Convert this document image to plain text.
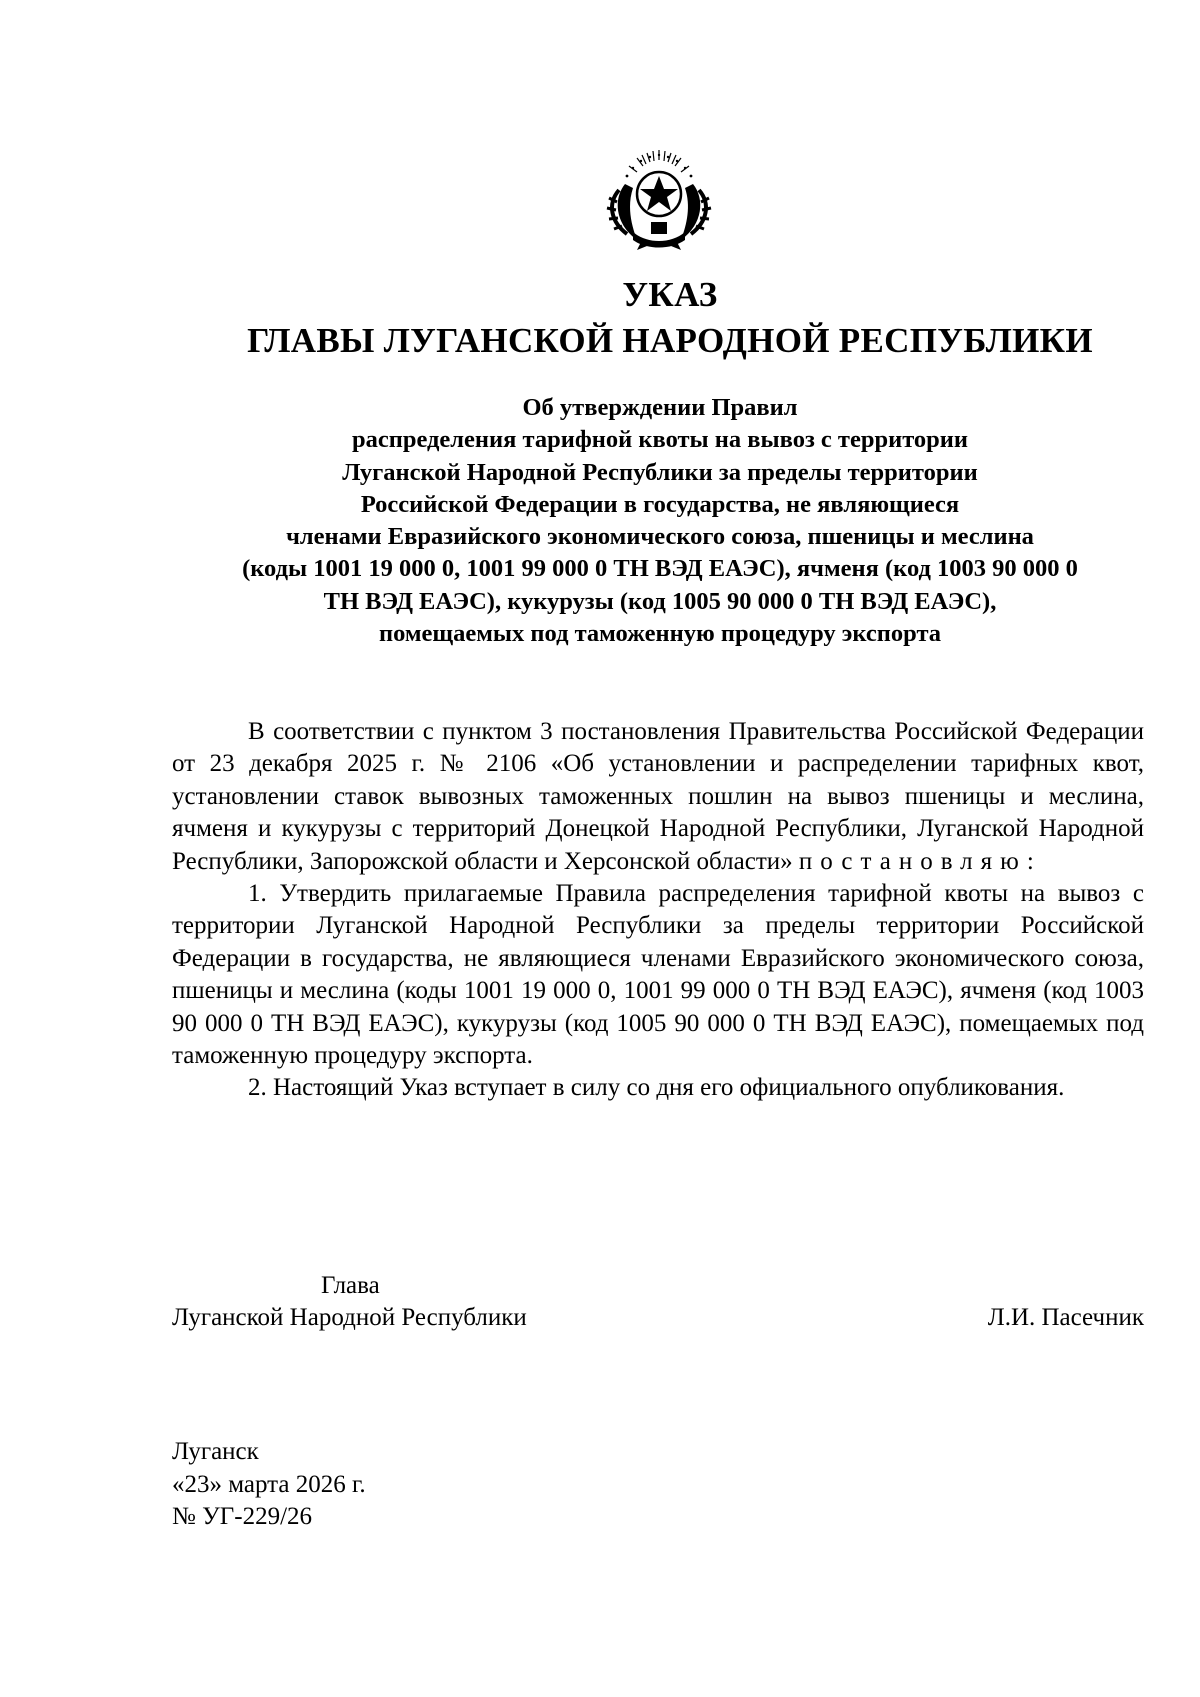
УКАЗ
ГЛАВЫ ЛУГАНСКОЙ НАРОДНОЙ РЕСПУБЛИКИ
Об утверждении Правил
распределения тарифной квоты на вывоз с территории
Луганской Народной Республики за пределы территории
Российской Федерации в государства, не являющиеся
членами Евразийского экономического союза, пшеницы и меслина
(коды 1001 19 000 0, 1001 99 000 0 ТН ВЭД ЕАЭС), ячменя (код 1003 90 000 0
ТН ВЭД ЕАЭС), кукурузы (код 1005 90 000 0 ТН ВЭД ЕАЭС),
помещаемых под таможенную процедуру экспорта

В соответствии с пунктом 3 постановления Правительства Российской Федерации от 23 декабря 2025 г. № 2106 «Об установлении и распределении тарифных квот, установлении ставок вывозных таможенных пошлин на вывоз пшеницы и меслина, ячменя и кукурузы с территорий Донецкой Народной Республики, Луганской Народной Республики, Запорожской области и Херсонской области» постановляю:

1. Утвердить прилагаемые Правила распределения тарифной квоты на вывоз с территории Луганской Народной Республики за пределы территории Российской Федерации в государства, не являющиеся членами Евразийского экономического союза, пшеницы и меслина (коды 1001 19 000 0, 1001 99 000 0 ТН ВЭД ЕАЭС), ячменя (код 1003 90 000 0 ТН ВЭД ЕАЭС), кукурузы (код 1005 90 000 0 ТН ВЭД ЕАЭС), помещаемых под таможенную процедуру экспорта.

2. Настоящий Указ вступает в силу со дня его официального опубликования.

Глава
Луганской Народной Республики	Л.И. Пасечник
Луганск
«23» марта 2026 г.
№ УГ-229/26
